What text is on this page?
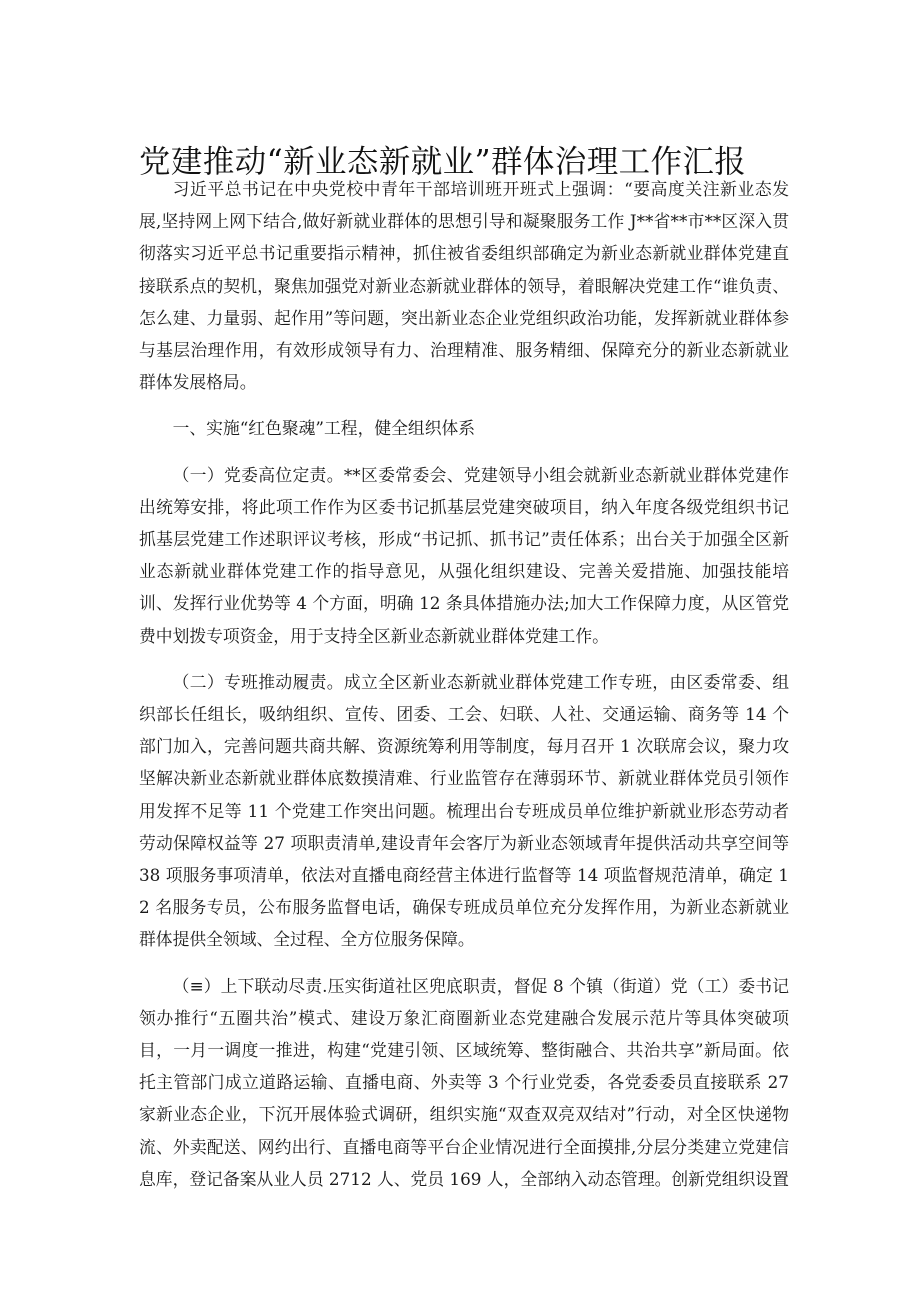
党建推动“新业态新就业”群体治理工作汇报

习近平总书记在中央党校中青年干部培训班开班式上强调：“要高度关注新业态发展,坚持网上网下结合,做好新就业群体的思想引导和凝聚服务工作 J**省**市**区深入贯彻落实习近平总书记重要指示精神，抓住被省委组织部确定为新业态新就业群体党建直接联系点的契机，聚焦加强党对新业态新就业群体的领导，着眼解决党建工作“谁负责、怎么建、力量弱、起作用”等问题，突出新业态企业党组织政治功能，发挥新就业群体参与基层治理作用，有效形成领导有力、治理精准、服务精细、保障充分的新业态新就业群体发展格局。

一、实施“红色聚魂”工程，健全组织体系

（一）党委高位定责。**区委常委会、党建领导小组会就新业态新就业群体党建作出统筹安排，将此项工作作为区委书记抓基层党建突破项目，纳入年度各级党组织书记抓基层党建工作述职评议考核，形成“书记抓、抓书记”责任体系；出台关于加强全区新业态新就业群体党建工作的指导意见，从强化组织建设、完善关爱措施、加强技能培训、发挥行业优势等 4 个方面，明确 12 条具体措施办法;加大工作保障力度，从区管党费中划拨专项资金，用于支持全区新业态新就业群体党建工作。

（二）专班推动履责。成立全区新业态新就业群体党建工作专班，由区委常委、组织部长任组长，吸纳组织、宣传、团委、工会、妇联、人社、交通运输、商务等 14 个部门加入，完善问题共商共解、资源统筹利用等制度，每月召开 1 次联席会议，聚力攻坚解决新业态新就业群体底数摸清难、行业监管存在薄弱环节、新就业群体党员引领作用发挥不足等 11 个党建工作突出问题。梳理出台专班成员单位维护新就业形态劳动者劳动保障权益等 27 项职责清单,建设青年会客厅为新业态领域青年提供活动共享空间等 38 项服务事项清单，依法对直播电商经营主体进行监督等 14 项监督规范清单，确定 12 名服务专员，公布服务监督电话，确保专班成员单位充分发挥作用，为新业态新就业群体提供全领域、全过程、全方位服务保障。

（≡）上下联动尽责.压实街道社区兜底职责，督促 8 个镇（街道）党（工）委书记领办推行“五圈共治”模式、建设万象汇商圈新业态党建融合发展示范片等具体突破项目，一月一调度一推进，构建“党建引领、区域统筹、整街融合、共治共享”新局面。依托主管部门成立道路运输、直播电商、外卖等 3 个行业党委，各党委委员直接联系 27 家新业态企业，下沉开展体验式调研，组织实施“双查双亮双结对”行动，对全区快递物流、外卖配送、网约出行、直播电商等平台企业情况进行全面摸排,分层分类建立党建信息库，登记备案从业人员 2712 人、党员 169 人，全部纳入动态管理。创新党组织设置
